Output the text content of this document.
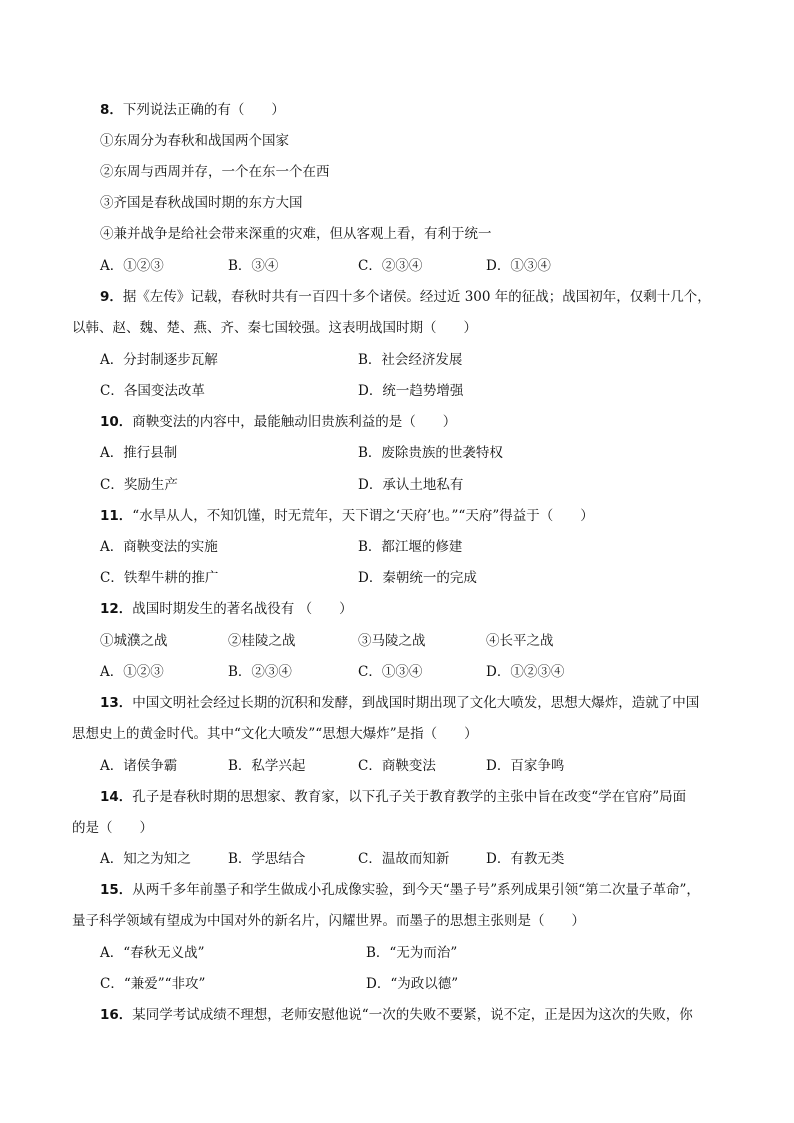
8．下列说法正确的有（　　）
①东周分为春秋和战国两个国家
②东周与西周并存，一个在东一个在西
③齐国是春秋战国时期的东方大国
④兼并战争是给社会带来深重的灾难，但从客观上看，有利于统一
A．①②③	B．③④	C．②③④	D．①③④
9．据《左传》记载，春秋时共有一百四十多个诸侯。经过近 300 年的征战；战国初年，仅剩十几个，
以韩、赵、魏、楚、燕、齐、秦七国较强。这表明战国时期（　　）
A．分封制逐步瓦解	B．社会经济发展
C．各国变法改革	D．统一趋势增强
10．商鞅变法的内容中，最能触动旧贵族利益的是（　　）
A．推行县制	B．废除贵族的世袭特权
C．奖励生产	D．承认土地私有
11．“水旱从人，不知饥馑，时无荒年，天下谓之‘天府’也。”“天府”得益于（　　）
A．商鞅变法的实施	B．都江堰的修建
C．铁犁牛耕的推广	D．秦朝统一的完成
12．战国时期发生的著名战役有 （　　）
①城濮之战	②桂陵之战	③马陵之战	④长平之战
A．①②③	B．②③④	C．①③④	D．①②③④
13．中国文明社会经过长期的沉积和发酵，到战国时期出现了文化大喷发，思想大爆炸，造就了中国
思想史上的黄金时代。其中“文化大喷发”“思想大爆炸”是指（　　）
A．诸侯争霸	B．私学兴起	C．商鞅变法	D．百家争鸣
14．孔子是春秋时期的思想家、教育家，以下孔子关于教育教学的主张中旨在改变“学在官府”局面
的是（　　）
A．知之为知之	B．学思结合	C．温故而知新	D．有教无类
15．从两千多年前墨子和学生做成小孔成像实验，到今天“墨子号”系列成果引领“第二次量子革命”，
量子科学领域有望成为中国对外的新名片，闪耀世界。而墨子的思想主张则是（　　）
A．“春秋无义战”	B．“无为而治”
C．“兼爱”“非攻”	D．“为政以德”
16．某同学考试成绩不理想，老师安慰他说“一次的失败不要紧，说不定，正是因为这次的失败，你
